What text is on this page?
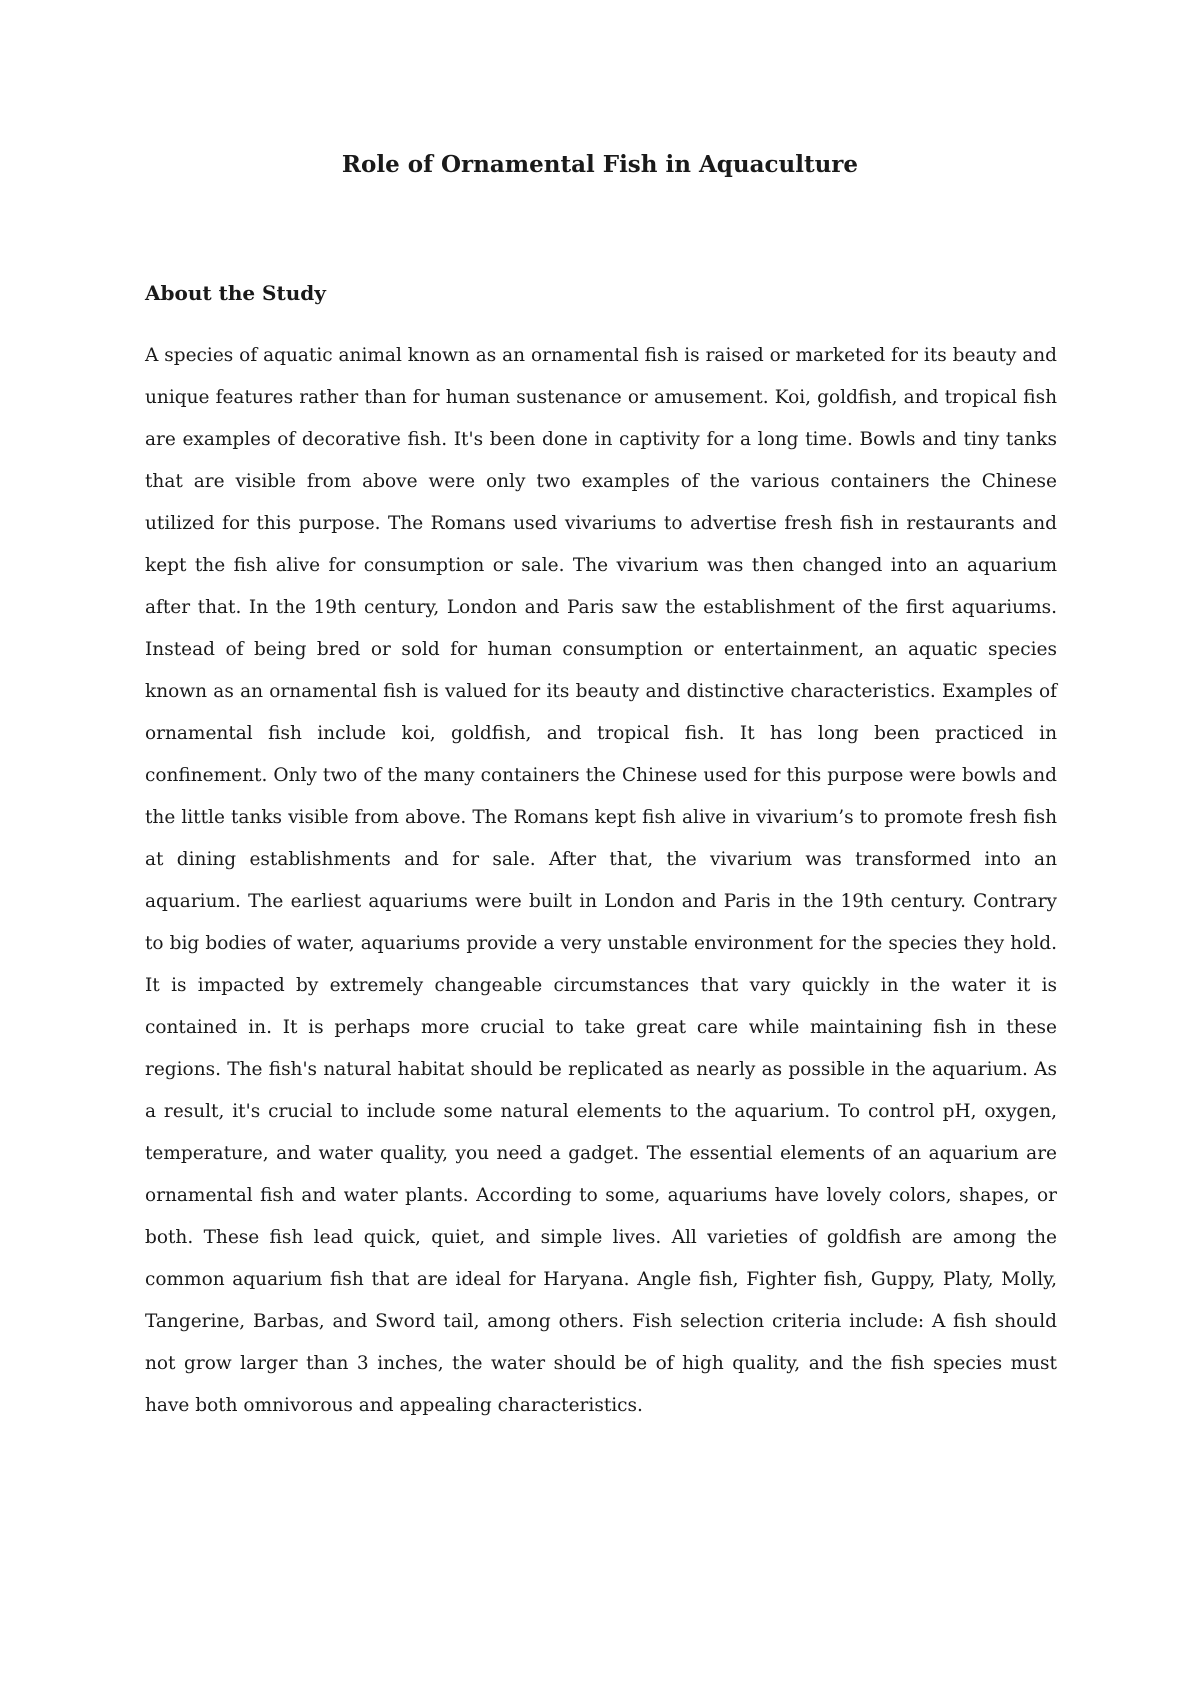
Role of Ornamental Fish in Aquaculture
About the Study

A species of aquatic animal known as an ornamental fish is raised or marketed for its beauty and unique features rather than for human sustenance or amusement. Koi, goldfish, and tropical fish are examples of decorative fish. It's been done in captivity for a long time. Bowls and tiny tanks that are visible from above were only two examples of the various containers the Chinese utilized for this purpose. The Romans used vivariums to advertise fresh fish in restaurants and kept the fish alive for consumption or sale. The vivarium was then changed into an aquarium after that. In the 19th century, London and Paris saw the establishment of the first aquariums. Instead of being bred or sold for human consumption or entertainment, an aquatic species known as an ornamental fish is valued for its beauty and distinctive characteristics. Examples of ornamental fish include koi, goldfish, and tropical fish. It has long been practiced in confinement. Only two of the many containers the Chinese used for this purpose were bowls and the little tanks visible from above. The Romans kept fish alive in vivarium’s to promote fresh fish at dining establishments and for sale. After that, the vivarium was transformed into an aquarium. The earliest aquariums were built in London and Paris in the 19th century. Contrary to big bodies of water, aquariums provide a very unstable environment for the species they hold. It is impacted by extremely changeable circumstances that vary quickly in the water it is contained in. It is perhaps more crucial to take great care while maintaining fish in these regions. The fish's natural habitat should be replicated as nearly as possible in the aquarium. As a result, it's crucial to include some natural elements to the aquarium. To control pH, oxygen, temperature, and water quality, you need a gadget. The essential elements of an aquarium are ornamental fish and water plants. According to some, aquariums have lovely colors, shapes, or both. These fish lead quick, quiet, and simple lives. All varieties of goldfish are among the common aquarium fish that are ideal for Haryana. Angle fish, Fighter fish, Guppy, Platy, Molly, Tangerine, Barbas, and Sword tail, among others. Fish selection criteria include: A fish should not grow larger than 3 inches, the water should be of high quality, and the fish species must have both omnivorous and appealing characteristics.
